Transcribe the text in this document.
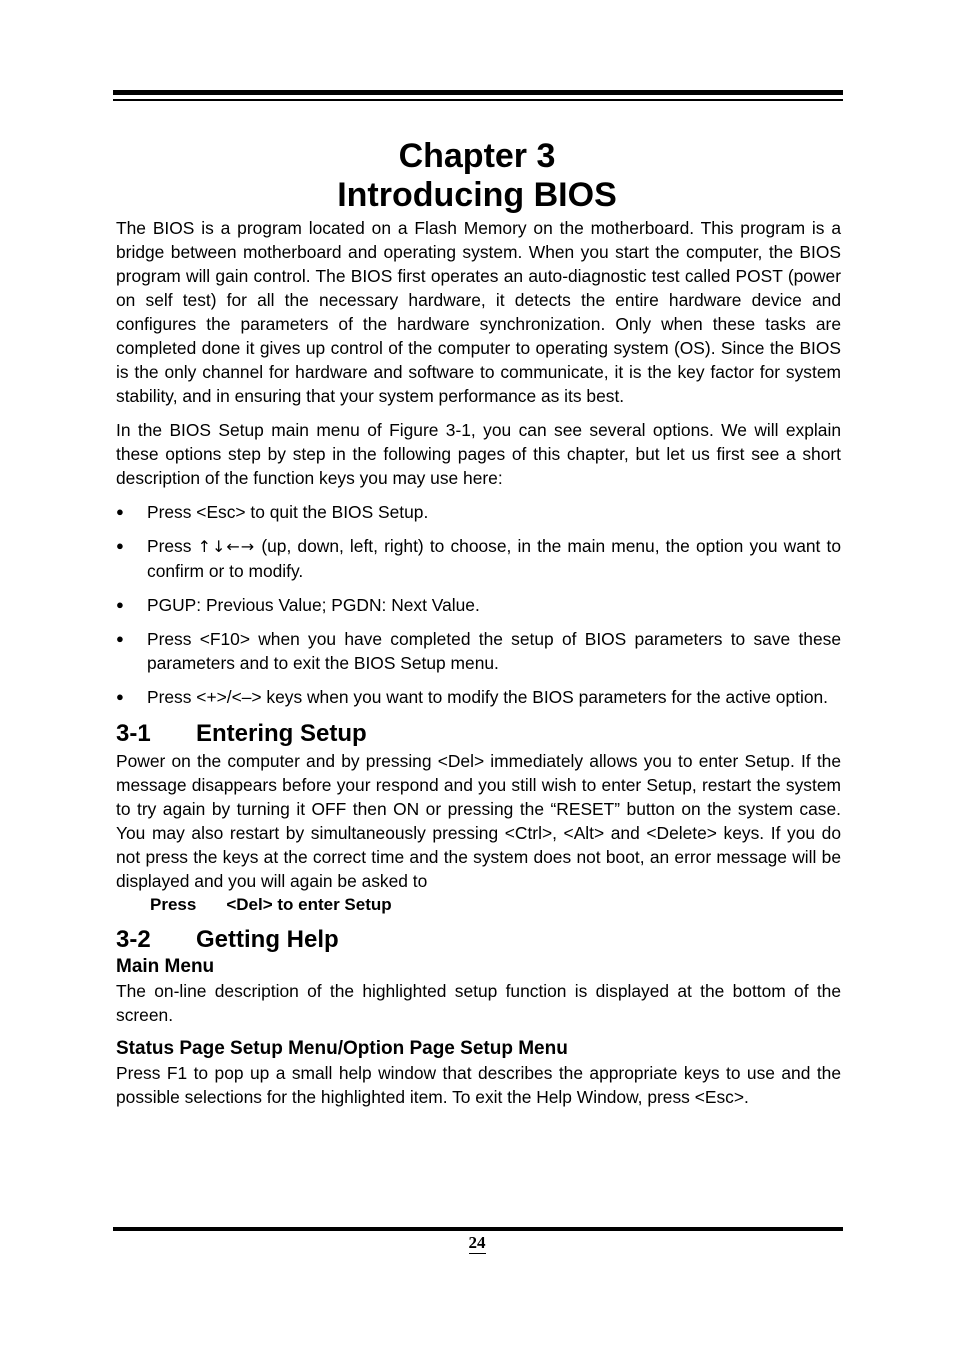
Chapter 3
Introducing BIOS

The BIOS is a program located on a Flash Memory on the motherboard. This program is a bridge between motherboard and operating system. When you start the computer, the BIOS program will gain control. The BIOS first operates an auto-diagnostic test called POST (power on self test) for all the necessary hardware, it detects the entire hardware device and configures the parameters of the hardware synchronization. Only when these tasks are completed done it gives up control of the computer to operating system (OS). Since the BIOS is the only channel for hardware and software to communicate, it is the key factor for system stability, and in ensuring that your system performance as its best.

In the BIOS Setup main menu of Figure 3-1, you can see several options. We will explain these options step by step in the following pages of this chapter, but let us first see a short description of the function keys you may use here:

● Press <Esc> to quit the BIOS Setup.
● Press ↑↓←→ (up, down, left, right) to choose, in the main menu, the option you want to confirm or to modify.
● PGUP: Previous Value; PGDN: Next Value.
● Press <F10> when you have completed the setup of BIOS parameters to save these parameters and to exit the BIOS Setup menu.
● Press <+>/<–> keys when you want to modify the BIOS parameters for the active option.
3-1 Entering Setup

Power on the computer and by pressing <Del> immediately allows you to enter Setup. If the message disappears before your respond and you still wish to enter Setup, restart the system to try again by turning it OFF then ON or pressing the “RESET” button on the system case. You may also restart by simultaneously pressing <Ctrl>, <Alt> and <Delete> keys. If you do not press the keys at the correct time and the system does not boot, an error message will be displayed and you will again be asked to

Press <Del> to enter Setup
3-2 Getting Help
Main Menu

The on-line description of the highlighted setup function is displayed at the bottom of the screen.

Status Page Setup Menu/Option Page Setup Menu

Press F1 to pop up a small help window that describes the appropriate keys to use and the possible selections for the highlighted item. To exit the Help Window, press <Esc>.

24
